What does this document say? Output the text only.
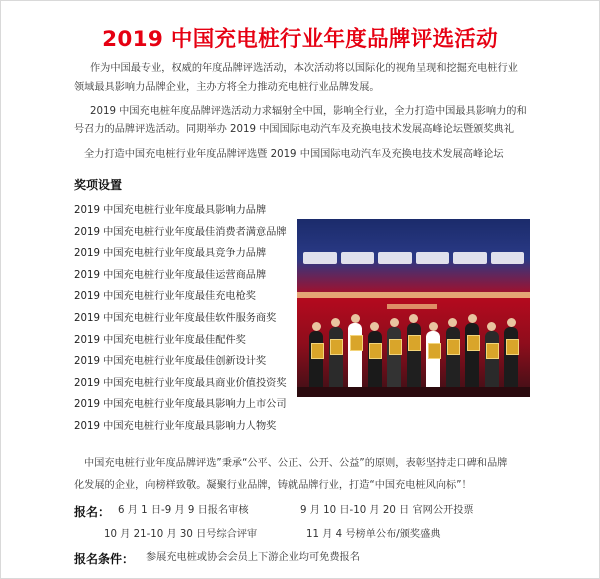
2019 中国充电桩行业年度品牌评选活动
作为中国最专业，权威的年度品牌评选活动，本次活动将以国际化的视角呈现和挖掘充电桩行业
领域最具影响力品牌企业，主办方将全力推动充电桩行业品牌发展。
2019 中国充电桩年度品牌评选活动力求辐射全中国，影响全行业，全力打造中国最具影响力的和
号召力的品牌评选活动。同期举办 2019 中国国际电动汽车及充换电技术发展高峰论坛暨颁奖典礼
全力打造中国充电桩行业年度品牌评选暨 2019 中国国际电动汽车及充换电技术发展高峰论坛
奖项设置
2019 中国充电桩行业年度最具影响力品牌
2019 中国充电桩行业年度最佳消费者满意品牌
2019 中国充电桩行业年度最具竞争力品牌
2019 中国充电桩行业年度最佳运营商品牌
2019 中国充电桩行业年度最佳充电枪奖
2019 中国充电桩行业年度最佳软件服务商奖
2019 中国充电桩行业年度最佳配件奖
2019 中国充电桩行业年度最佳创新设计奖
2019 中国充电桩行业年度最具商业价值投资奖
2019 中国充电桩行业年度最具影响力上市公司
2019 中国充电桩行业年度最具影响力人物奖
中国充电桩行业年度品牌评选”秉承“公平、公正、公开、公益”的原则，表彰坚持走口碑和品牌
化发展的企业，向榜样致敬。凝聚行业品牌，铸就品牌行业，打造“中国充电桩风向标”！
报名： 6 月 1 日-9 月 9 日报名审核	9 月 10 日-10 月 20 日 官网公开投票
10 月 21-10 月 30 日号综合评审	11 月 4 号榜单公布/颁奖盛典
报名条件： 参展充电桩或协会会员上下游企业均可免费报名
